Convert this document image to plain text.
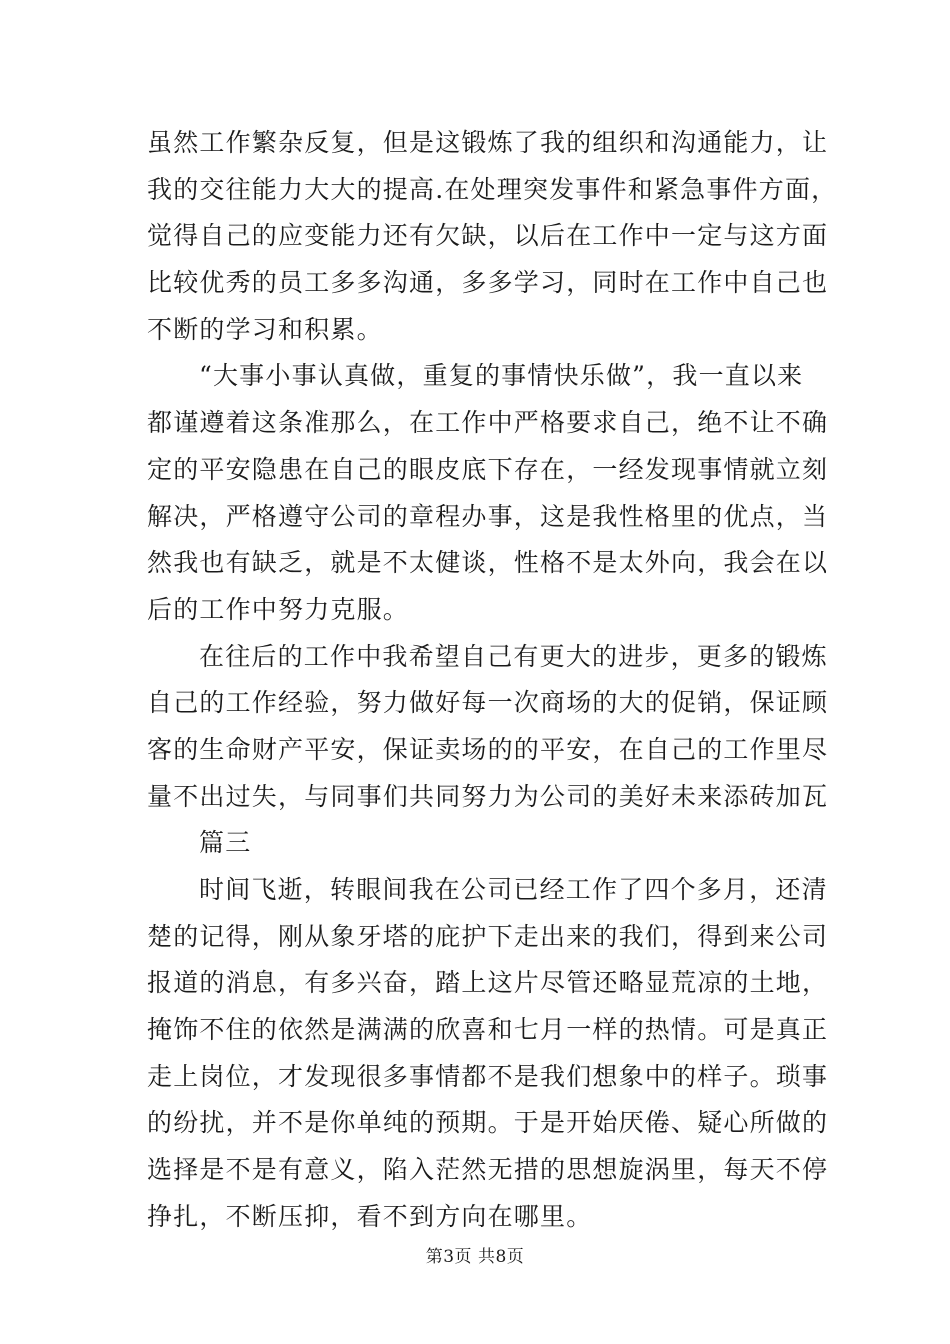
虽然工作繁杂反复，但是这锻炼了我的组织和沟通能力，让
我的交往能力大大的提高.在处理突发事件和紧急事件方面，
觉得自己的应变能力还有欠缺，以后在工作中一定与这方面
比较优秀的员工多多沟通，多多学习，同时在工作中自己也
不断的学习和积累。
“大事小事认真做，重复的事情快乐做”，我一直以来
都谨遵着这条准那么，在工作中严格要求自己，绝不让不确
定的平安隐患在自己的眼皮底下存在，一经发现事情就立刻
解决，严格遵守公司的章程办事，这是我性格里的优点，当
然我也有缺乏，就是不太健谈，性格不是太外向，我会在以
后的工作中努力克服。
在往后的工作中我希望自己有更大的进步，更多的锻炼
自己的工作经验，努力做好每一次商场的大的促销，保证顾
客的生命财产平安，保证卖场的的平安，在自己的工作里尽
量不出过失，与同事们共同努力为公司的美好未来添砖加瓦
篇三
时间飞逝，转眼间我在公司已经工作了四个多月，还清
楚的记得，刚从象牙塔的庇护下走出来的我们，得到来公司
报道的消息，有多兴奋，踏上这片尽管还略显荒凉的土地，
掩饰不住的依然是满满的欣喜和七月一样的热情。可是真正
走上岗位，才发现很多事情都不是我们想象中的样子。琐事
的纷扰，并不是你单纯的预期。于是开始厌倦、疑心所做的
选择是不是有意义，陷入茫然无措的思想旋涡里，每天不停
挣扎，不断压抑，看不到方向在哪里。
第3页 共8页
